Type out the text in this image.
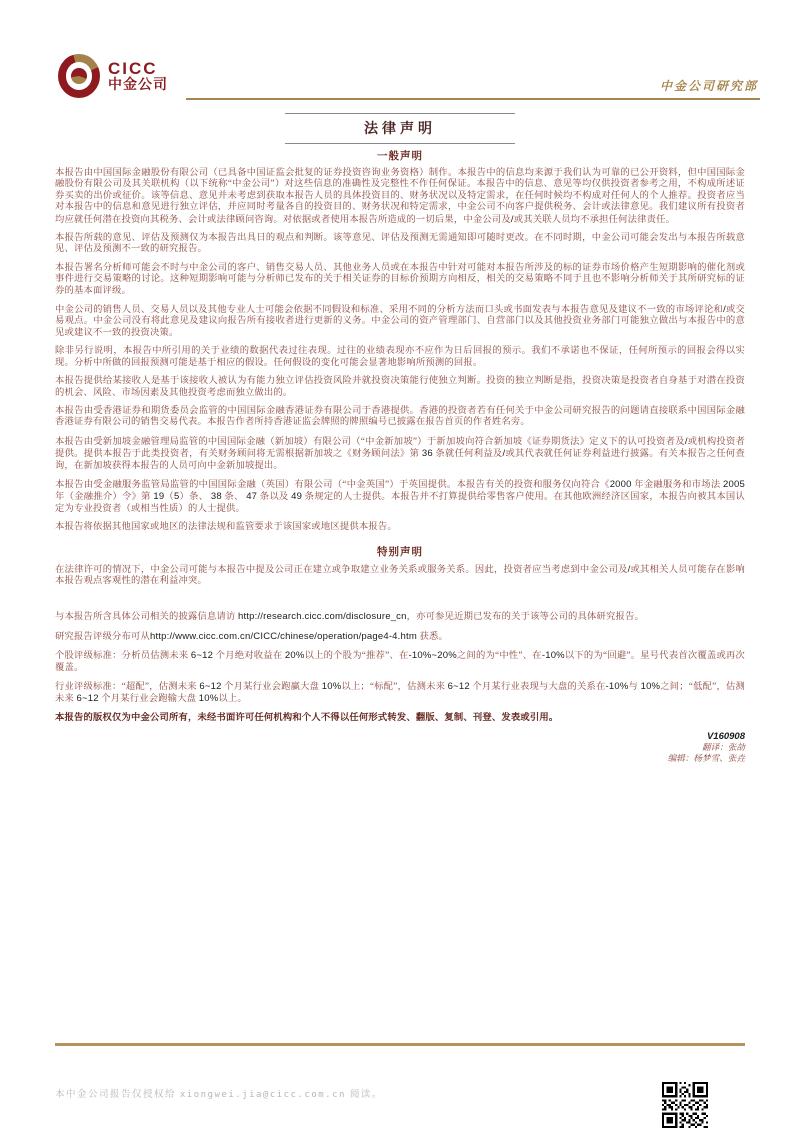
CICC
中金公司	中金公司研究部
法律声明
一般声明

本报告由中国国际金融股份有限公司（已具备中国证监会批复的证券投资咨询业务资格）制作。本报告中的信息均来源于我们认为可靠的已公开资料，但中国国际金融股份有限公司及其关联机构（以下统称“中金公司”）对这些信息的准确性及完整性不作任何保证。本报告中的信息、意见等均仅供投资者参考之用，不构成所述证券买卖的出价或征价。该等信息、意见并未考虑到获取本报告人员的具体投资目的、财务状况以及特定需求，在任何时候均不构成对任何人的个人推荐。投资者应当对本报告中的信息和意见进行独立评估，并应同时考量各自的投资目的、财务状况和特定需求，中金公司不向客户提供税务、会计或法律意见。我们建议所有投资者均应就任何潜在投资向其税务、会计或法律顾问咨询。对依据或者使用本报告所造成的一切后果，中金公司及/或其关联人员均不承担任何法律责任。

本报告所载的意见、评估及预测仅为本报告出具日的观点和判断。该等意见、评估及预测无需通知即可随时更改。在不同时期，中金公司可能会发出与本报告所载意见、评估及预测不一致的研究报告。

本报告署名分析师可能会不时与中金公司的客户、销售交易人员、其他业务人员或在本报告中针对可能对本报告所涉及的标的证券市场价格产生短期影响的催化剂或事件进行交易策略的讨论。这种短期影响可能与分析师已发布的关于相关证券的目标价预期方向相反，相关的交易策略不同于且也不影响分析师关于其所研究标的证券的基本面评级。

中金公司的销售人员、交易人员以及其他专业人士可能会依据不同假设和标准、采用不同的分析方法而口头或书面发表与本报告意见及建议不一致的市场评论和/或交易观点。中金公司没有将此意见及建议向报告所有接收者进行更新的义务。中金公司的资产管理部门、自营部门以及其他投资业务部门可能独立做出与本报告中的意见或建议不一致的投资决策。

除非另行说明，本报告中所引用的关于业绩的数据代表过往表现。过往的业绩表现亦不应作为日后回报的预示。我们不承诺也不保证，任何所预示的回报会得以实现。分析中所做的回报预测可能是基于相应的假设。任何假设的变化可能会显著地影响所预测的回报。

本报告提供给某接收人是基于该接收人被认为有能力独立评估投资风险并就投资决策能行使独立判断。投资的独立判断是指，投资决策是投资者自身基于对潜在投资的机会、风险、市场因素及其他投资考虑而独立做出的。

本报告由受香港证券和期货委员会监管的中国国际金融香港证券有限公司于香港提供。香港的投资者若有任何关于中金公司研究报告的问题请直接联系中国国际金融香港证券有限公司的销售交易代表。本报告作者所持香港证监会牌照的牌照编号已披露在报告首页的作者姓名旁。

本报告由受新加坡金融管理局监管的中国国际金融（新加坡）有限公司（“中金新加坡”）于新加坡向符合新加坡《证券期货法》定义下的认可投资者及/或机构投资者提供。提供本报告于此类投资者，有关财务顾问将无需根据新加坡之《财务顾问法》第 36 条就任何利益及/或其代表就任何证券利益进行披露。有关本报告之任何查询，在新加坡获得本报告的人员可向中金新加坡提出。

本报告由受金融服务监管局监管的中国国际金融（英国）有限公司（“中金英国”）于英国提供。本报告有关的投资和服务仅向符合《2000 年金融服务和市场法 2005 年（金融推介）令》第 19（5）条、 38 条、 47 条以及 49 条规定的人士提供。本报告并不打算提供给零售客户使用。在其他欧洲经济区国家，本报告向被其本国认定为专业投资者（或相当性质）的人士提供。

本报告将依据其他国家或地区的法律法规和监管要求于该国家或地区提供本报告。

特别声明

在法律许可的情况下，中金公司可能与本报告中提及公司正在建立或争取建立业务关系或服务关系。因此，投资者应当考虑到中金公司及/或其相关人员可能存在影响本报告观点客观性的潜在利益冲突。

与本报告所含具体公司相关的披露信息请访 http://research.cicc.com/disclosure_cn，亦可参见近期已发布的关于该等公司的具体研究报告。

研究报告评级分布可从http://www.cicc.com.cn/CICC/chinese/operation/page4-4.htm 获悉。

个股评级标准：分析员估测未来 6~12 个月绝对收益在 20%以上的个股为“推荐”、在-10%~20%之间的为“中性”、在-10%以下的为“回避”。星号代表首次覆盖或再次覆盖。

行业评级标准：“超配”，估测未来 6~12 个月某行业会跑赢大盘 10%以上；“标配”，估测未来 6~12 个月某行业表现与大盘的关系在-10%与 10%之间；“低配”，估测未来 6~12 个月某行业会跑输大盘 10%以上。

本报告的版权仅为中金公司所有，未经书面许可任何机构和个人不得以任何形式转发、翻版、复制、刊登、发表或引用。

V160908
翻译：张劼
编辑：杨梦雪、张垚
本中金公司报告仅授权给 xiongwei.jia@cicc.com.cn 阅读。
